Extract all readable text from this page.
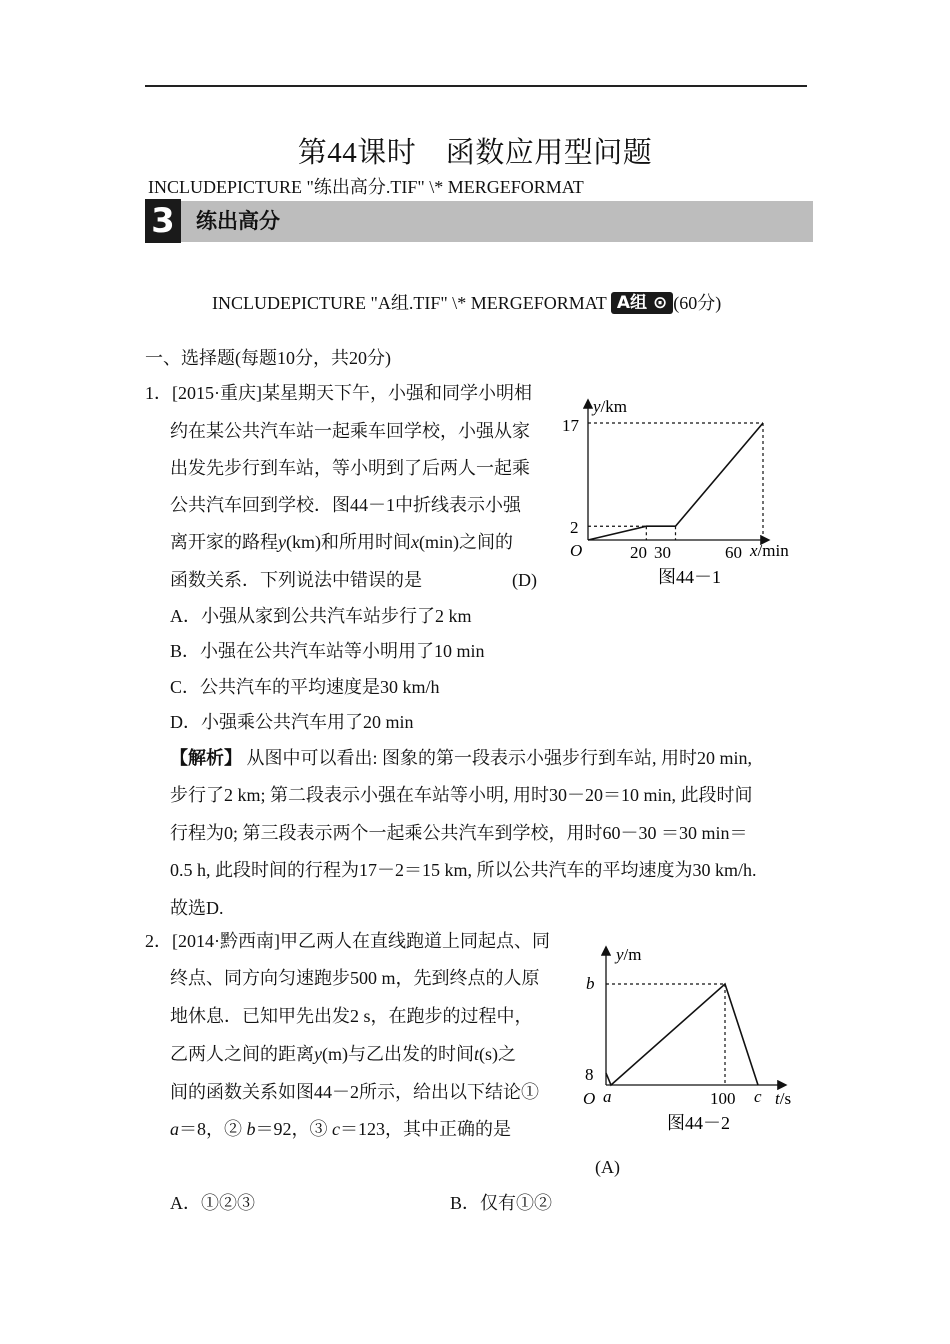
第44课时　函数应用型问题
INCLUDEPICTURE "练出高分.TIF" \* MERGEFORMAT
3 练出高分
INCLUDEPICTURE "A组.TIF" \* MERGEFORMAT A组 ⊙ (60分)
一、选择题(每题10分，共20分)
1．[2015·重庆]某星期天下午，小强和同学小明相
约在某公共汽车站一起乘车回学校，小强从家
出发先步行到车站，等小明到了后两人一起乘
公共汽车回到学校．图44－1中折线表示小强
离开家的路程y(km)和所用时间x(min)之间的
函数关系．下列说法中错误的是	(D)
A．小强从家到公共汽车站步行了2 km
B．小强在公共汽车站等小明用了10 min
C．公共汽车的平均速度是30 km/h
D．小强乘公共汽车用了20 min
【解析】 从图中可以看出: 图象的第一段表示小强步行到车站, 用时20 min,
步行了2 km; 第二段表示小强在车站等小明, 用时30－20＝10 min, 此段时间
行程为0; 第三段表示两个一起乘公共汽车到学校，用时60－30 ＝30 min＝
0.5 h, 此段时间的行程为17－2＝15 km, 所以公共汽车的平均速度为30 km/h.
故选D.
y/km
x/min
O
2
17
20 30	60
图44－1
2．[2014·黔西南]甲乙两人在直线跑道上同起点、同
终点、同方向匀速跑步500 m，先到终点的人原
地休息．已知甲先出发2 s，在跑步的过程中，
乙两人之间的距离y(m)与乙出发的时间t(s)之
间的函数关系如图44－2所示，给出以下结论①
a＝8，② b＝92，③ c＝123，其中正确的是
(A)
A．①②③	B．仅有①②
y/m
t/s
O
b
8
a	100 c
图44－2
